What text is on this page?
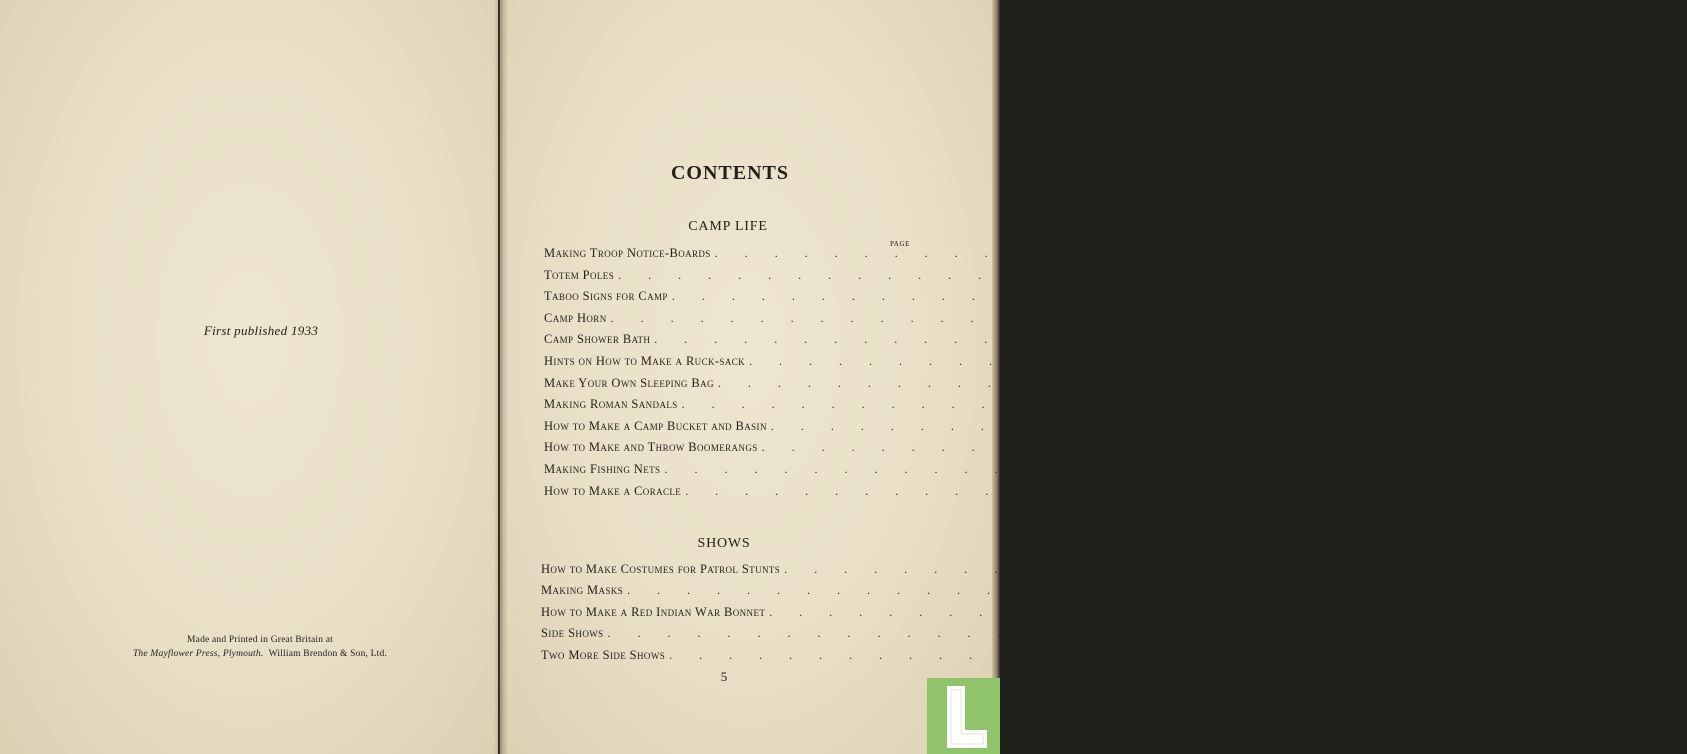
First published 1933
Made and Printed in Great Britain at
The Mayflower Press, Plymouth. William Brendon & Son, Ltd.
CONTENTS
CAMP LIFE
PAGE
Making Troop Notice-Boards . . . . . . . . . . . . . . . . . . . . . . . . . . . . . . 7
Totem Poles . . . . . . . . . . . . . . . . . . . . . . . . . . . . . . 10
Taboo Signs for Camp . . . . . . . . . . . . . . . . . . . . . . . . . . . . . . 15
Camp Horn . . . . . . . . . . . . . . . . . . . . . . . . . . . . . . 18
Camp Shower Bath . . . . . . . . . . . . . . . . . . . . . . . . . . . . . . 22
Hints on How to Make a Ruck-sack . . . . . . . . . . . . . . . . . . . . . . . . . . . . . . 25
Make Your Own Sleeping Bag . . . . . . . . . . . . . . . . . . . . . . . . . . . . . . 28
Making Roman Sandals . . . . . . . . . . . . . . . . . . . . . . . . . . . . . . 30
How to Make a Camp Bucket and Basin . . . . . . . . . . . . . . . . . . . . . . . . . . . . . . 32
How to Make and Throw Boomerangs . . . . . . . . . . . . . . . . . . . . . . . . . . . . . . 35
Making Fishing Nets . . . . . . . . . . . . . . . . . . . . . . . . . . . . . . 37
How to Make a Coracle . . . . . . . . . . . . . . . . . . . . . . . . . . . . . . 40
SHOWS
How to Make Costumes for Patrol Stunts . . . . . . . . . . . . . . . . . . . . . . . . . . . . . . 43
Making Masks . . . . . . . . . . . . . . . . . . . . . . . . . . . . . . 48
How to Make a Red Indian War Bonnet . . . . . . . . . . . . . . . . . . . . . . . . . . . . . . 52
Side Shows . . . . . . . . . . . . . . . . . . . . . . . . . . . . . . 56
Two More Side Shows . . . . . . . . . . . . . . . . . . . . . . . . . . . . . . 64
5
